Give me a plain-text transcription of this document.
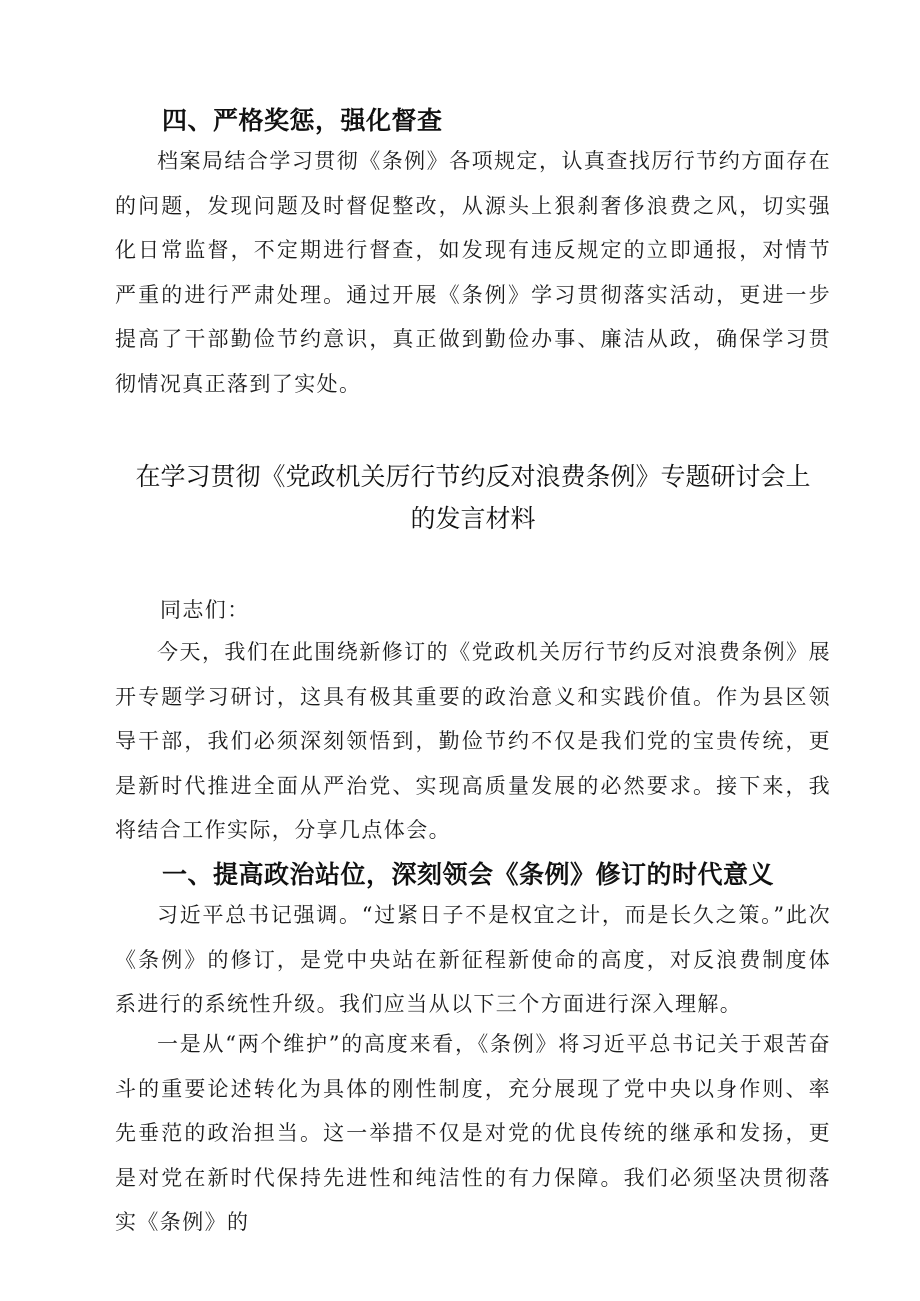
四、严格奖惩，强化督查

档案局结合学习贯彻《条例》各项规定，认真查找厉行节约方面存在的问题，发现问题及时督促整改，从源头上狠刹奢侈浪费之风，切实强化日常监督，不定期进行督查，如发现有违反规定的立即通报，对情节严重的进行严肃处理。通过开展《条例》学习贯彻落实活动，更进一步提高了干部勤俭节约意识，真正做到勤俭办事、廉洁从政，确保学习贯彻情况真正落到了实处。

在学习贯彻《党政机关厉行节约反对浪费条例》专题研讨会上
的发言材料
同志们：

今天，我们在此围绕新修订的《党政机关厉行节约反对浪费条例》展开专题学习研讨，这具有极其重要的政治意义和实践价值。作为县区领导干部，我们必须深刻领悟到，勤俭节约不仅是我们党的宝贵传统，更是新时代推进全面从严治党、实现高质量发展的必然要求。接下来，我将结合工作实际，分享几点体会。

一、提高政治站位，深刻领会《条例》修订的时代意义

习近平总书记强调。“过紧日子不是权宜之计，而是长久之策。”此次《条例》的修订，是党中央站在新征程新使命的高度，对反浪费制度体系进行的系统性升级。我们应当从以下三个方面进行深入理解。

一是从“两个维护”的高度来看，《条例》将习近平总书记关于艰苦奋斗的重要论述转化为具体的刚性制度，充分展现了党中央以身作则、率先垂范的政治担当。这一举措不仅是对党的优良传统的继承和发扬，更是对党在新时代保持先进性和纯洁性的有力保障。我们必须坚决贯彻落实《条例》的
